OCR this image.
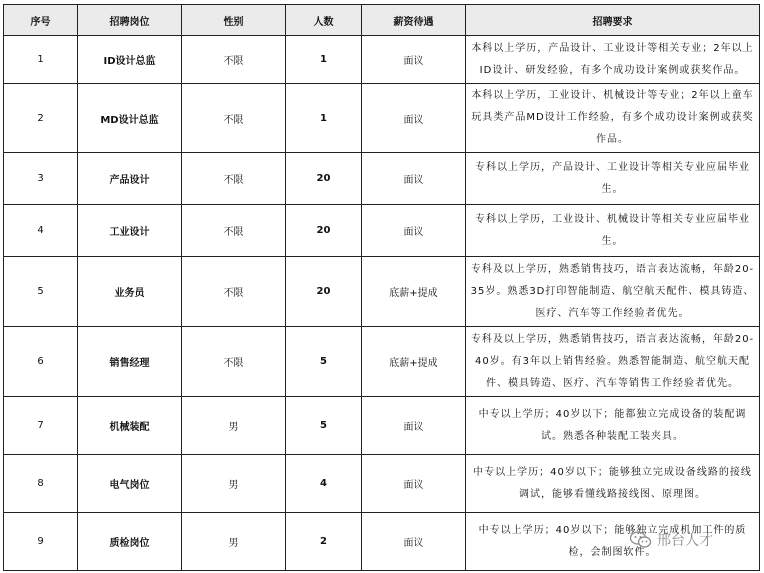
序号	招聘岗位	性别	人数	薪资待遇	招聘要求
1	ID设计总监	不限	1	面议	本科以上学历，产品设计、工业设计等相关专业；2年以上ID设计、研发经验，有多个成功设计案例或获奖作品。
2	MD设计总监	不限	1	面议	本科以上学历，工业设计、机械设计等专业；2年以上童车玩具类产品MD设计工作经验，有多个成功设计案例或获奖作品。
3	产品设计	不限	20	面议	专科以上学历，产品设计、工业设计等相关专业应届毕业生。
4	工业设计	不限	20	面议	专科以上学历，工业设计、机械设计等相关专业应届毕业生。
5	业务员	不限	20	底薪+提成	专科及以上学历，熟悉销售技巧，语言表达流畅，年龄20-35岁。熟悉3D打印智能制造、航空航天配件、模具铸造、医疗、汽车等工作经验者优先。
6	销售经理	不限	5	底薪+提成	专科及以上学历，熟悉销售技巧，语言表达流畅，年龄20-40岁。有3年以上销售经验。熟悉智能制造、航空航天配件、模具铸造、医疗、汽车等销售工作经验者优先。
7	机械装配	男	5	面议	中专以上学历；40岁以下；能都独立完成设备的装配调试。熟悉各种装配工装夹具。
8	电气岗位	男	4	面议	中专以上学历；40岁以下；能够独立完成设备线路的接线调试，能够看懂线路接线图、原理图。
9	质检岗位	男	2	面议	中专以上学历；40岁以下；能够独立完成机加工件的质检，会制图软件。
邢台人才
